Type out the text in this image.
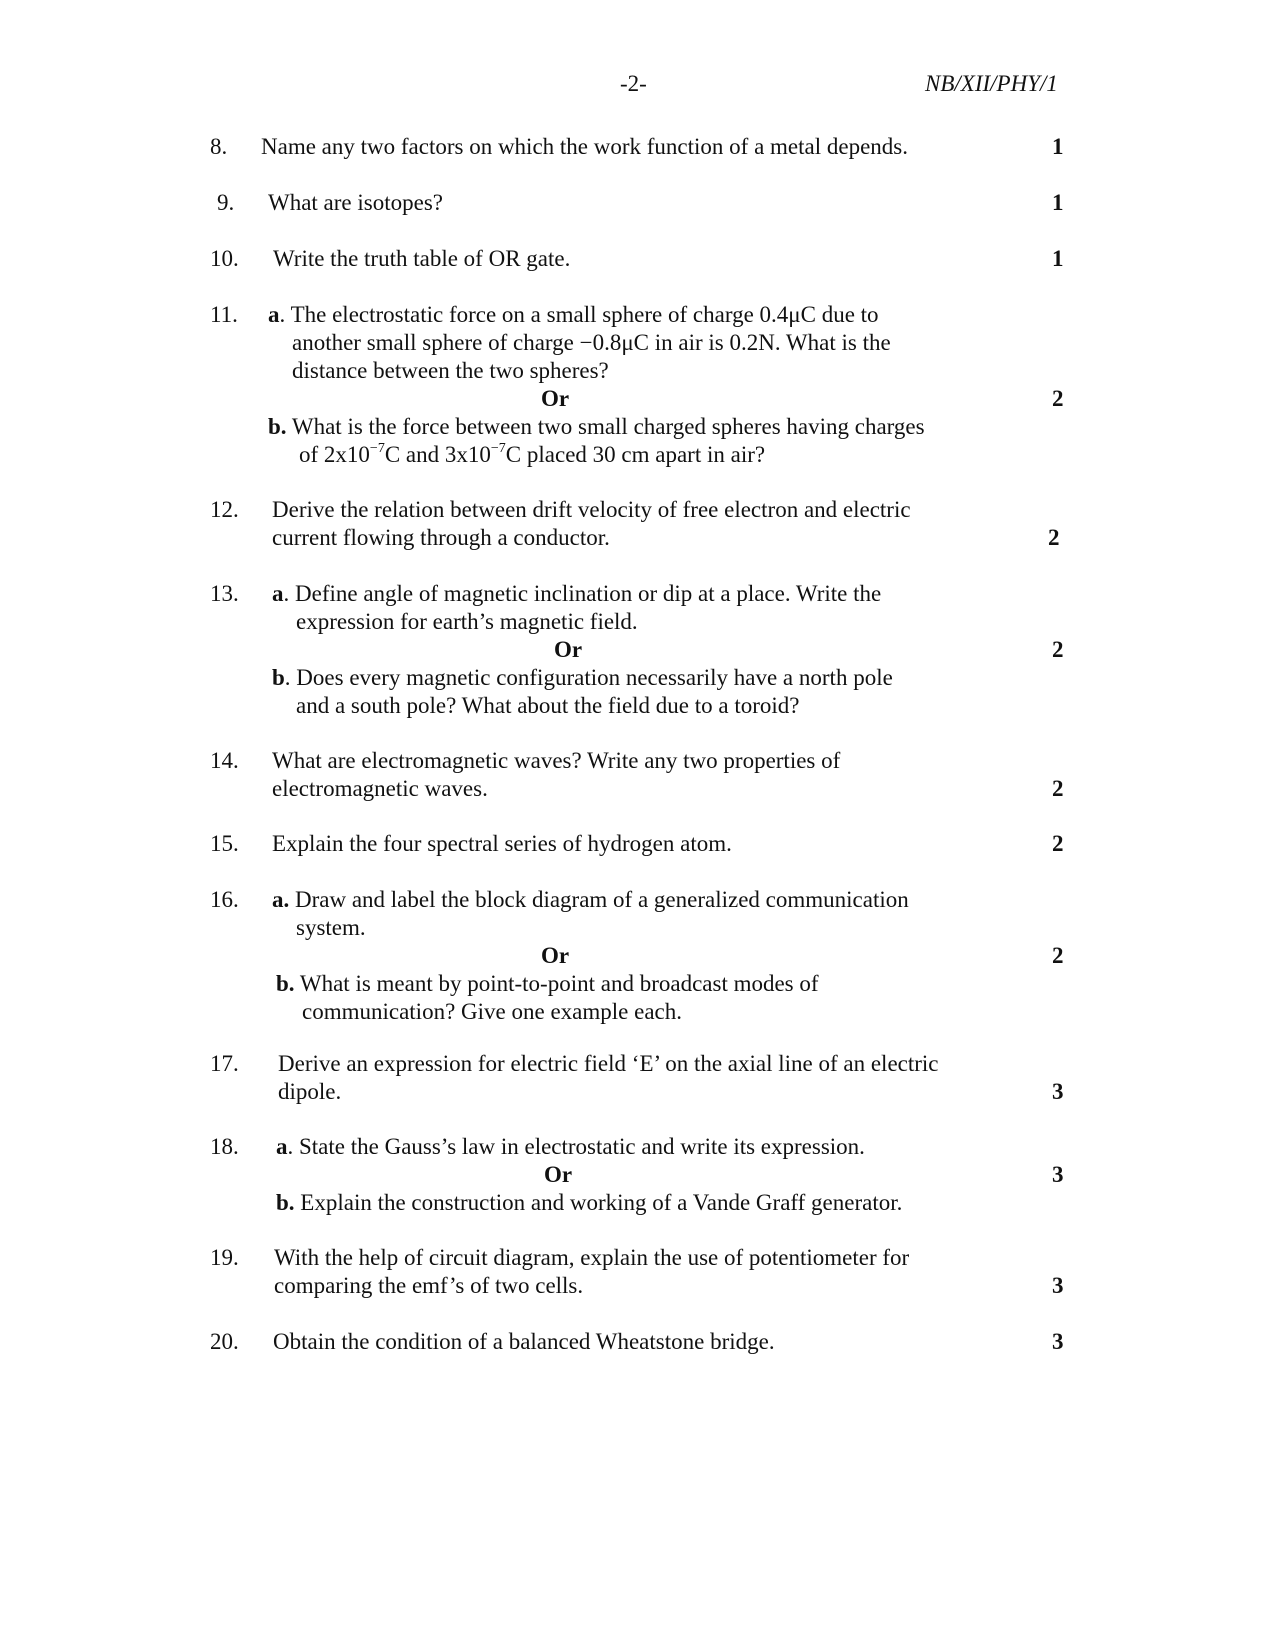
-2-	NB/XII/PHY/1
8. Name any two factors on which the work function of a metal depends.	1
9. What are isotopes?	1
10. Write the truth table of OR gate.	1
11. a. The electrostatic force on a small sphere of charge 0.4μC due to
another small sphere of charge −0.8μC in air is 0.2N. What is the
distance between the two spheres?
Or	2
b. What is the force between two small charged spheres having charges
of $2x10^{-7}C$ and $3x10^{-7}C$ placed 30 cm apart in air?
12. Derive the relation between drift velocity of free electron and electric
current flowing through a conductor.	2
13. a. Define angle of magnetic inclination or dip at a place. Write the
expression for earth’s magnetic field.
Or	2
b. Does every magnetic configuration necessarily have a north pole
and a south pole? What about the field due to a toroid?
14. What are electromagnetic waves? Write any two properties of
electromagnetic waves.	2
15. Explain the four spectral series of hydrogen atom.	2
16. a. Draw and label the block diagram of a generalized communication
system.
Or	2
b. What is meant by point-to-point and broadcast modes of
communication? Give one example each.
17. Derive an expression for electric field ‘E’ on the axial line of an electric
dipole.	3
18. a. State the Gauss’s law in electrostatic and write its expression.
Or	3
b. Explain the construction and working of a Vande Graff generator.
19. With the help of circuit diagram, explain the use of potentiometer for
comparing the emf’s of two cells.	3
20. Obtain the condition of a balanced Wheatstone bridge.	3
